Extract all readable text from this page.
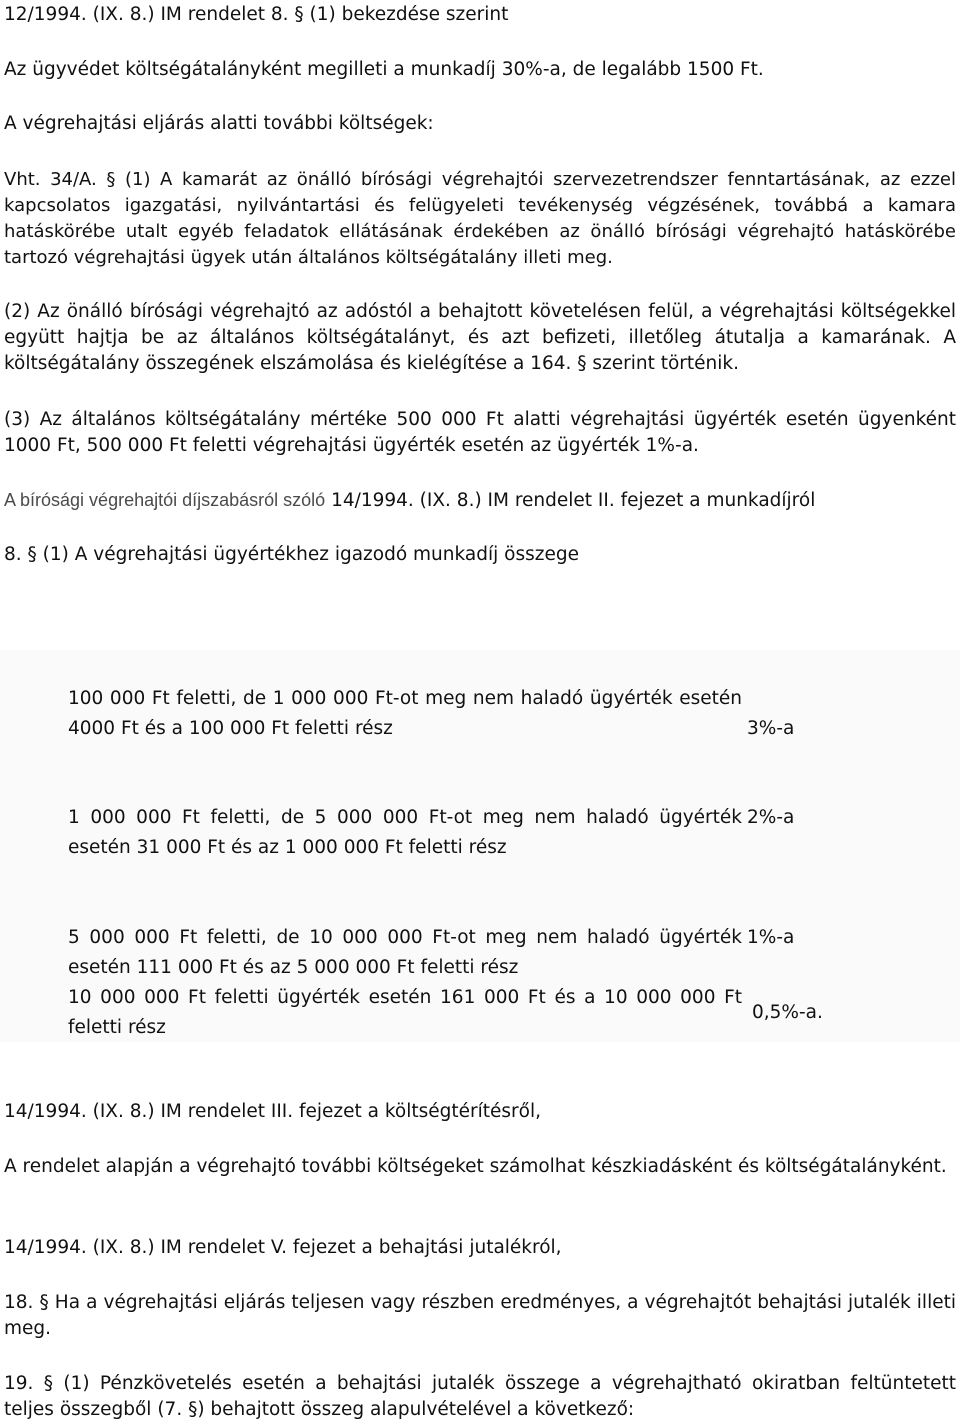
12/1994. (IX. 8.) IM rendelet 8. § (1) bekezdése szerint
Az ügyvédet költségátalányként megilleti a munkadíj 30%-a, de legalább 1500 Ft.
A végrehajtási eljárás alatti további költségek:
Vht. 34/A. § (1) A kamarát az önálló bírósági végrehajtói szervezetrendszer fenntartásának, az ezzel kapcsolatos igazgatási, nyilvántartási és felügyeleti tevékenység végzésének, továbbá a kamara hatáskörébe utalt egyéb feladatok ellátásának érdekében az önálló bírósági végrehajtó hatáskörébe tartozó végrehajtási ügyek után általános költségátalány illeti meg.
(2) Az önálló bírósági végrehajtó az adóstól a behajtott követelésen felül, a végrehajtási költségekkel együtt hajtja be az általános költségátalányt, és azt befizeti, illetőleg átutalja a kamarának. A költségátalány összegének elszámolása és kielégítése a 164. § szerint történik.
(3) Az általános költségátalány mértéke 500 000 Ft alatti végrehajtási ügyérték esetén ügyenként 1000 Ft, 500 000 Ft feletti végrehajtási ügyérték esetén az ügyérték 1%-a.
A bírósági végrehajtói díjszabásról szóló 14/1994. (IX. 8.) IM rendelet II. fejezet a munkadíjról
8. § (1) A végrehajtási ügyértékhez igazodó munkadíj összege
100 000 Ft feletti, de 1 000 000 Ft-ot meg nem haladó ügyérték esetén 4000 Ft és a 100 000 Ft feletti rész	3%-a
1 000 000 Ft feletti, de 5 000 000 Ft-ot meg nem haladó ügyérték esetén 31 000 Ft és az 1 000 000 Ft feletti rész
2%-a
5 000 000 Ft feletti, de 10 000 000 Ft-ot meg nem haladó ügyérték esetén 111 000 Ft és az 5 000 000 Ft feletti rész
1%-a
10 000 000 Ft feletti ügyérték esetén 161 000 Ft és a 10 000 000 Ft feletti rész
0,5%-a.
14/1994. (IX. 8.) IM rendelet III. fejezet a költségtérítésről,
A rendelet alapján a végrehajtó további költségeket számolhat készkiadásként és költségátalányként.
14/1994. (IX. 8.) IM rendelet V. fejezet a behajtási jutalékról,
18. § Ha a végrehajtási eljárás teljesen vagy részben eredményes, a végrehajtót behajtási jutalék illeti meg.
19. § (1) Pénzkövetelés esetén a behajtási jutalék összege a végrehajtható okiratban feltüntetett teljes összegből (7. §) behajtott összeg alapulvételével a következő:
